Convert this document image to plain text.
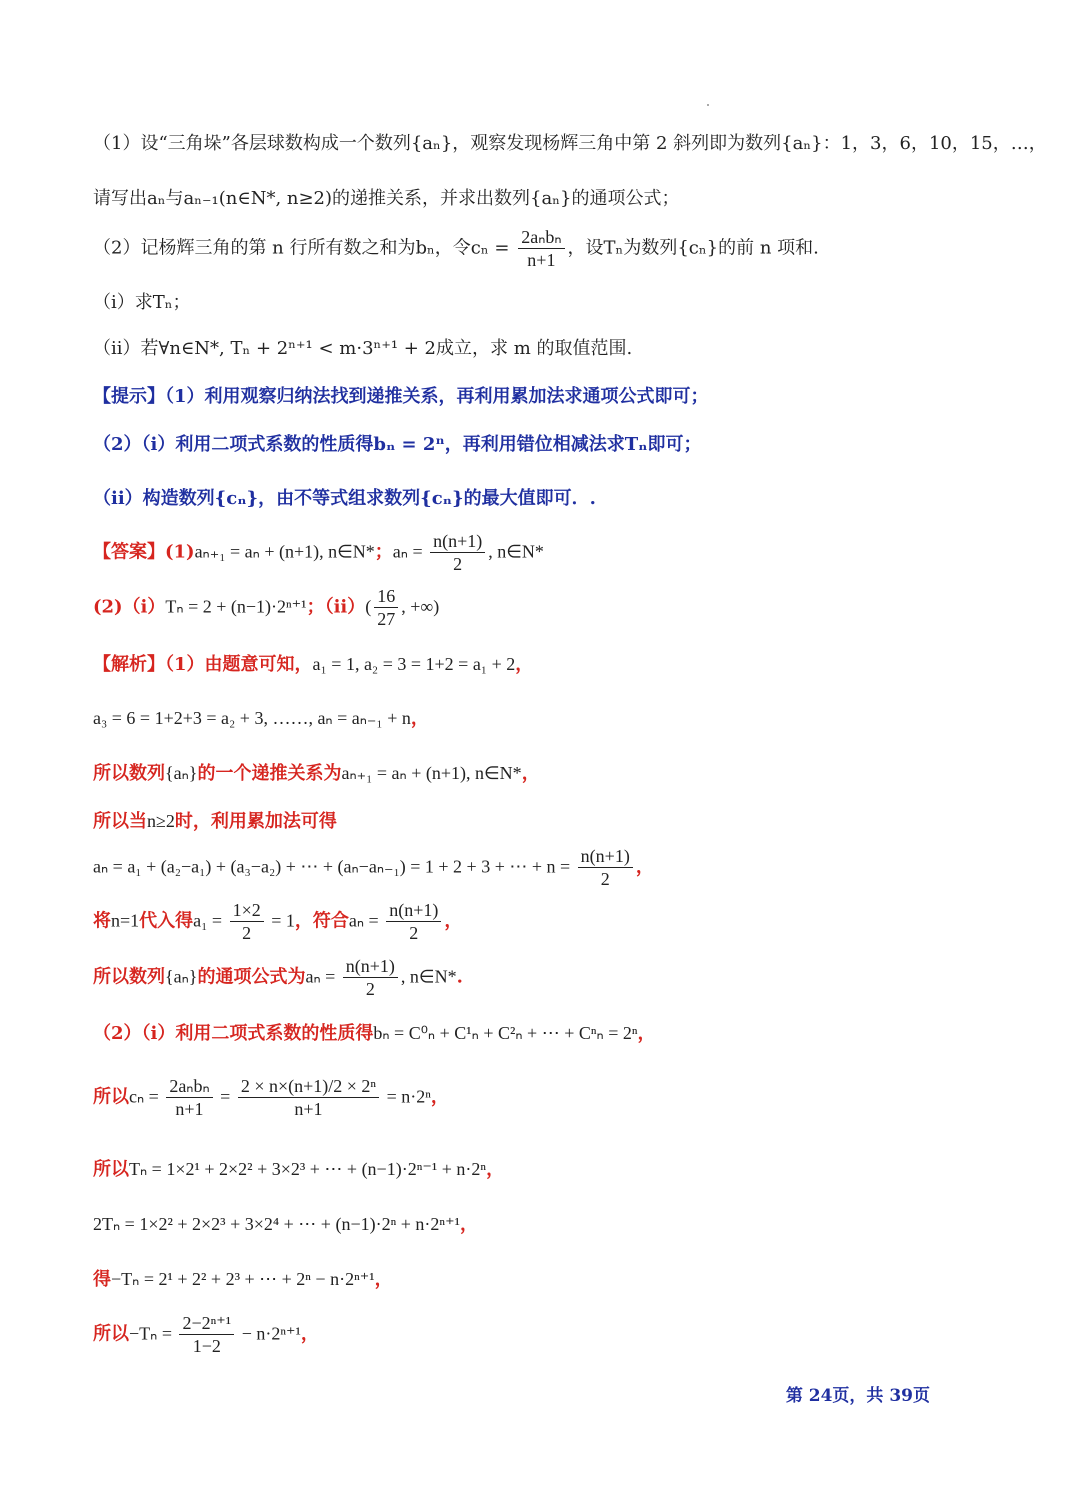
（1）设“三角垛”各层球数构成一个数列{aₙ}，观察发现杨辉三角中第 2 斜列即为数列{aₙ}：1，3，6，10，15，…，
请写出aₙ与aₙ₋₁(n∈N*, n≥2)的递推关系，并求出数列{aₙ}的通项公式；
（2）记杨辉三角的第 n 行所有数之和为bₙ，令$c_n = \frac{\text{2aₙbₙ}}{n+1}$ ，设Tₙ为数列{cₙ}的前 n 项和.
（i）求Tₙ；
（ii）若∀n∈N*, Tₙ + 2ⁿ⁺¹ < m·3ⁿ⁺¹ + 2成立，求 m 的取值范围.
【提示】（1）利用观察归纳法找到递推关系，再利用累加法求通项公式即可；
（2）（i）利用二项式系数的性质得bₙ = 2ⁿ，再利用错位相减法求Tₙ即可；
（ii）构造数列{cₙ}，由不等式组求数列{cₙ}的最大值即可．.
【答案】(1)aₙ₊₁ = aₙ + (n+1), n∈N*；$a_n = \frac{n(n+1)}{2}$ , n∈N*
(2)（i）Tₙ = 2 + (n−1)·2ⁿ⁺¹；$(ii)( \frac{16}{27}$ , +∞)
【解析】（1）由题意可知，a₁ = 1, a₂ = 3 = 1+2 = a₁ + 2，
a₃ = 6 = 1+2+3 = a₂ + 3, ……, aₙ = aₙ₋₁ + n，
所以数列{aₙ}的一个递推关系为aₙ₊₁ = aₙ + (n+1), n∈N*，
所以当n≥2时，利用累加法可得
aₙ = a₁ + (a₂−a₁) + (a₃−a₂) + ⋯ + (aₙ−aₙ₋₁) = 1 + 2 + 3 + ⋯ + $n = \frac{n(n+1)}{2}$ ，
将n=1代入得$a_1 = \frac{1\times 2}{2} = 1$，符合$a_n = \frac{n(n+1)}{2}$ ，
所以数列{aₙ}的通项公式为$a_n = \frac{n(n+1)}{2}$ , n∈N*.
（2）（i）利用二项式系数的性质得bₙ = C⁰ₙ + C¹ₙ + C²ₙ + ⋯ + Cⁿₙ = 2ⁿ，
所以$c_n = \frac{\text{2aₙbₙ}}{n+1} = \frac{\text{2 × n×(n+1)/2 × 2ⁿ}}{n+1} = n\cdot 2^n$，
所以Tₙ = 1×2¹ + 2×2² + 3×2³ + ⋯ + (n−1)·2ⁿ⁻¹ + n·2ⁿ，
2Tₙ = 1×2² + 2×2³ + 3×2⁴ + ⋯ + (n−1)·2ⁿ + n·2ⁿ⁺¹，
得−Tₙ = 2¹ + 2² + 2³ + ⋯ + 2ⁿ − n·2ⁿ⁺¹，
所以$-T_n = \frac{\text{2−2ⁿ⁺¹}}{1-2} - n\cdot 2^{n+1}$，
第 24页，共 39页
